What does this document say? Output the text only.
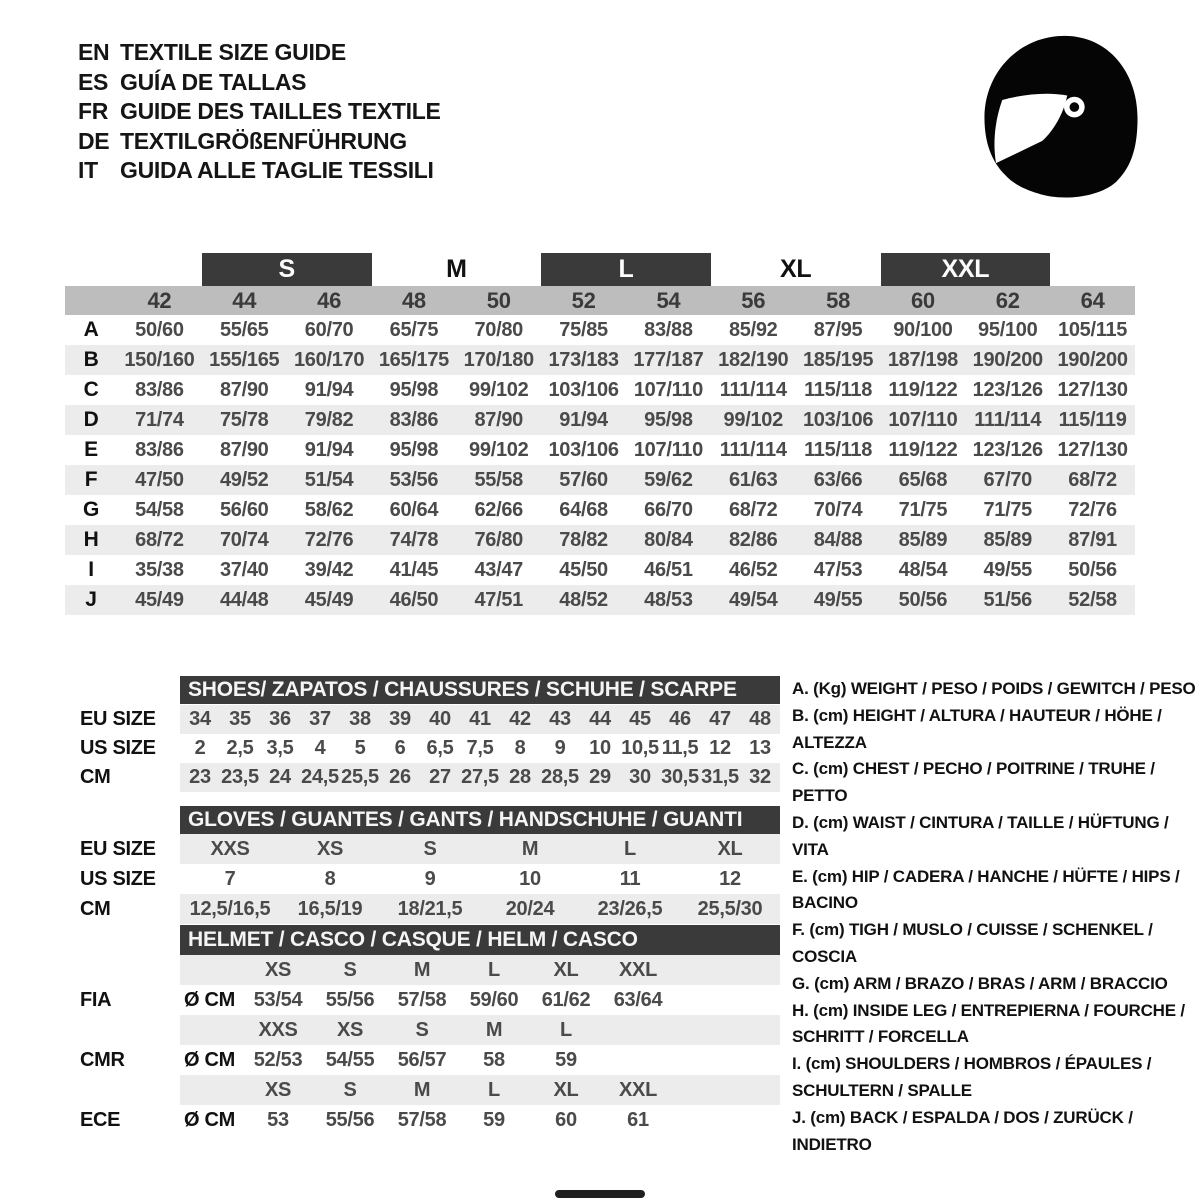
EN TEXTILE SIZE GUIDE
ES GUÍA DE TALLAS
FR GUIDE DES TAILLES TEXTILE
DE TEXTILGRÖßENFÜHRUNG
IT GUIDA ALLE TAGLIE TESSILI
S	M	L	XL	XXL
42	44	46	48	50	52	54	56	58	60	62	64
A	50/60	55/65	60/70	65/75	70/80	75/85	83/88	85/92	87/95	90/100	95/100	105/115
B	150/160 155/165 160/170 165/175 170/180 173/183 177/187 182/190 185/195 187/198 190/200 190/200
C	83/86	87/90	91/94	95/98	99/102	103/106 107/110 111/114 115/118 119/122 123/126 127/130
D	71/74	75/78	79/82	83/86	87/90	91/94	95/98	99/102	103/106 107/110 111/114 115/119
E	83/86	87/90	91/94	95/98	99/102	103/106 107/110 111/114 115/118 119/122 123/126 127/130
F	47/50	49/52	51/54	53/56	55/58	57/60	59/62	61/63	63/66	65/68	67/70	68/72
G	54/58	56/60	58/62	60/64	62/66	64/68	66/70	68/72	70/74	71/75	71/75	72/76
H	68/72	70/74	72/76	74/78	76/80	78/82	80/84	82/86	84/88	85/89	85/89	87/91
I	35/38	37/40	39/42	41/45	43/47	45/50	46/51	46/52	47/53	48/54	49/55	50/56
J	45/49	44/48	45/49	46/50	47/51	48/52	48/53	49/54	49/55	50/56	51/56	52/58
SHOES/ ZAPATOS / CHAUSSURES / SCHUHE / SCARPE
EU SIZE	34 35 36 37 38 39 40 41 42 43 44 45 46 47 48
US SIZE	2	2,5 3,5	4	5	6	6,5 7,5	8	9	10 10,5 11,5 12 13
CM	23 23,5 24 24,5 25,5 26 27 27,5 28 28,5 29 30 30,5 31,5 32
GLOVES / GUANTES / GANTS / HANDSCHUHE / GUANTI
EU SIZE	XXS	XS	S	M	L	XL
US SIZE	7	8	9	10	11	12
CM	12,5/16,5	16,5/19	18/21,5	20/24	23/26,5	25,5/30
HELMET / CASCO / CASQUE / HELM / CASCO
XS	S	M	L	XL	XXL
FIA	Ø CM 53/54	55/56	57/58	59/60	61/62	63/64
XXS	XS	S	M	L
CMR	Ø CM 52/53	54/55	56/57	58	59
XS	S	M	L	XL	XXL
ECE	Ø CM	53	55/56	57/58	59	60	61
A. (Kg) WEIGHT / PESO / POIDS / GEWITCH / PESO
B. (cm) HEIGHT / ALTURA / HAUTEUR / HÖHE / ALTEZZA
C. (cm) CHEST / PECHO / POITRINE / TRUHE / PETTO
D. (cm) WAIST / CINTURA / TAILLE / HÜFTUNG / VITA
E. (cm) HIP / CADERA / HANCHE / HÜFTE / HIPS / BACINO
F. (cm) TIGH / MUSLO / CUISSE / SCHENKEL / COSCIA
G. (cm) ARM / BRAZO / BRAS / ARM / BRACCIO
H. (cm) INSIDE LEG / ENTREPIERNA / FOURCHE / SCHRITT / FORCELLA
I. (cm) SHOULDERS / HOMBROS / ÉPAULES / SCHULTERN / SPALLE
J. (cm) BACK / ESPALDA / DOS / ZURÜCK / INDIETRO
